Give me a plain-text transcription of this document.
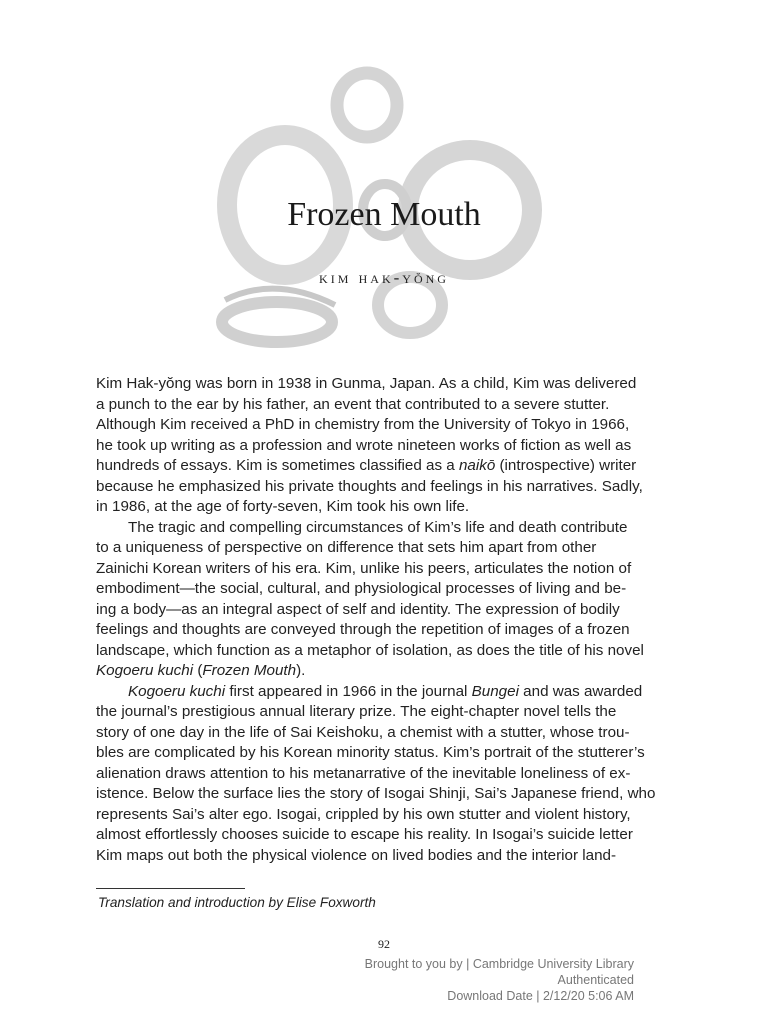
Frozen Mouth
kim hak-yŏng
Kim Hak-yŏng was born in 1938 in Gunma, Japan. As a child, Kim was delivered
a punch to the ear by his father, an event that contributed to a severe stutter.
Although Kim received a PhD in chemistry from the University of Tokyo in 1966,
he took up writing as a profession and wrote nineteen works of fiction as well as
hundreds of essays. Kim is sometimes classified as a naikō (introspective) writer
because he emphasized his private thoughts and feelings in his narratives. Sadly,
in 1986, at the age of forty-seven, Kim took his own life.
The tragic and compelling circumstances of Kim’s life and death contribute
to a uniqueness of perspective on difference that sets him apart from other
Zainichi Korean writers of his era. Kim, unlike his peers, articulates the notion of
embodiment—the social, cultural, and physiological processes of living and be-
ing a body—as an integral aspect of self and identity. The expression of bodily
feelings and thoughts are conveyed through the repetition of images of a frozen
landscape, which function as a metaphor of isolation, as does the title of his novel
Kogoeru kuchi (Frozen Mouth).
Kogoeru kuchi first appeared in 1966 in the journal Bungei and was awarded
the journal’s prestigious annual literary prize. The eight-chapter novel tells the
story of one day in the life of Sai Keishoku, a chemist with a stutter, whose trou-
bles are complicated by his Korean minority status. Kim’s portrait of the stutterer’s
alienation draws attention to his metanarrative of the inevitable loneliness of ex-
istence. Below the surface lies the story of Isogai Shinji, Sai’s Japanese friend, who
represents Sai’s alter ego. Isogai, crippled by his own stutter and violent history,
almost effortlessly chooses suicide to escape his reality. In Isogai’s suicide letter
Kim maps out both the physical violence on lived bodies and the interior land-
Translation and introduction by Elise Foxworth
92
Brought to you by | Cambridge University Library
Authenticated
Download Date | 2/12/20 5:06 AM
